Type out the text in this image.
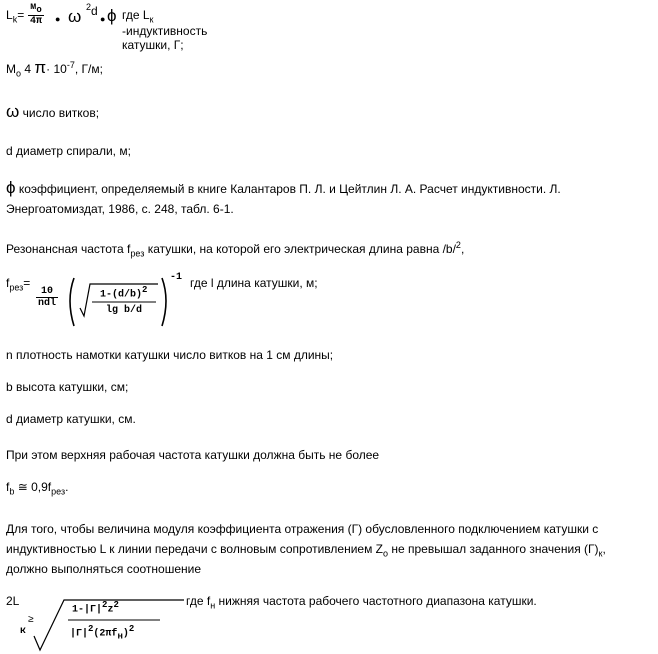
$L_k=$
$м_o$
4π ● ω $^2$d
● ϕ где $L_к$ -индуктивность катушки, Г;
$М_о$ 4 $\pi\cdot 10^{-7}$, Г/м;
ω число витков;
d диаметр спирали, м;
ϕ коэффициент, определяемый в книге Калантаров П. Л. и Цейтлин Л. А. Расчет индуктивности. Л.
Энергоатомиздат, 1986, с. 248, табл. 6-1.
Резонансная частота $f_{рез}$ катушки, на которой его электрическая длина равна /b/$^2$,
$f_{рез}=$
10
ndl
$1-(d/b)^2$
lg b/d
-1 где l длина катушки, м;
n плотность намотки катушки число витков на 1 см длины;
b высота катушки, см;
d диаметр катушки, см.
При этом верхняя рабочая частота катушки должна быть не более
$f_b$ ≅ $0,9f_{рез}$.
Для того, чтобы величина модуля коэффициента отражения (Г) обусловленного подключением катушки с
индуктивностью L к линии передачи с волновым сопротивлением $Z_о$ не превышал заданного значения $(Г)_к$,
должно выполняться соотношение
2L
к
≥
$1-|Г|^2z^2$
$|Г|^2(2\pi f_н)^2$
где $f_н$ нижняя частота рабочего частотного диапазона катушки.
